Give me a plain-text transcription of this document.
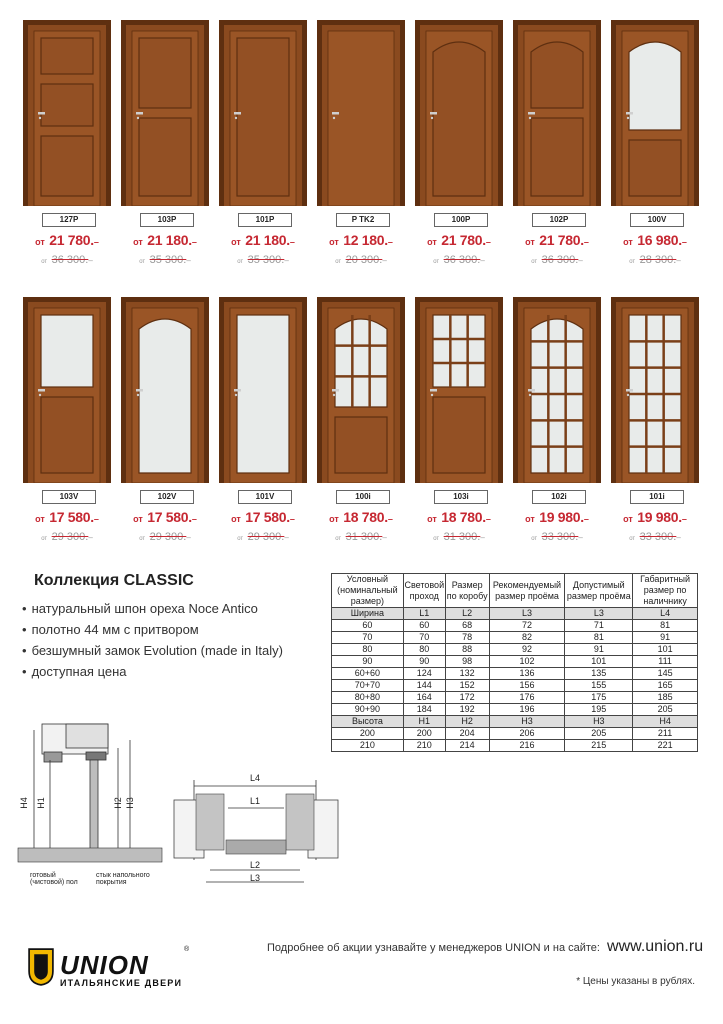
127P
от 21 780.–
от 36 300.–
103P
от 21 180.–
от 35 300.–
101P
от 21 180.–
от 35 300.–
P TK2
от 12 180.–
от 20 300.–
100P
от 21 780.–
от 36 300.–
102P
от 21 780.–
от 36 300.–
100V
от 16 980.–
от 28 300.–
103V
от 17 580.–
от 29 300.–
102V
от 17 580.–
от 29 300.–
101V
от 17 580.–
от 29 300.–
100i
от 18 780.–
от 31 300.–
103i
от 18 780.–
от 31 300.–
102i
от 19 980.–
от 33 300.–
101i
от 19 980.–
от 33 300.–
Коллекция CLASSIC
• натуральный шпон ореха Noce Antico
• полотно 44 мм с притвором
• безшумный замок Evolution (made in Italy)
• доступная цена
Условный (номинальный размер)	Световой проход	Размер по коробу	Рекомендуемый размер проёма	Допустимый размер проёма	Габаритный размер по наличнику
Ширина	L1	L2	L3	L3	L4
60	60	68	72	71	81
70	70	78	82	81	91
80	80	88	92	91	101
90	90	98	102	101	111
60+60	124	132	136	135	145
70+70	144	152	156	155	165
80+80	164	172	176	175	185
90+90	184	192	196	195	205
Высота	H1	H2	H3	H3	H4
200	200	204	206	205	211
210	210	214	216	215	221
H4 H1	H2 H3
готовый
(чистовой) пол
стык напольного
покрытия
L4
L1
L2
L3
UNION
ИТАЛЬЯНСКИЕ ДВЕРИ
®	Подробнее об акции узнавайте у менеджеров UNION и на сайте: www.union.ru
* Цены указаны в рублях.
